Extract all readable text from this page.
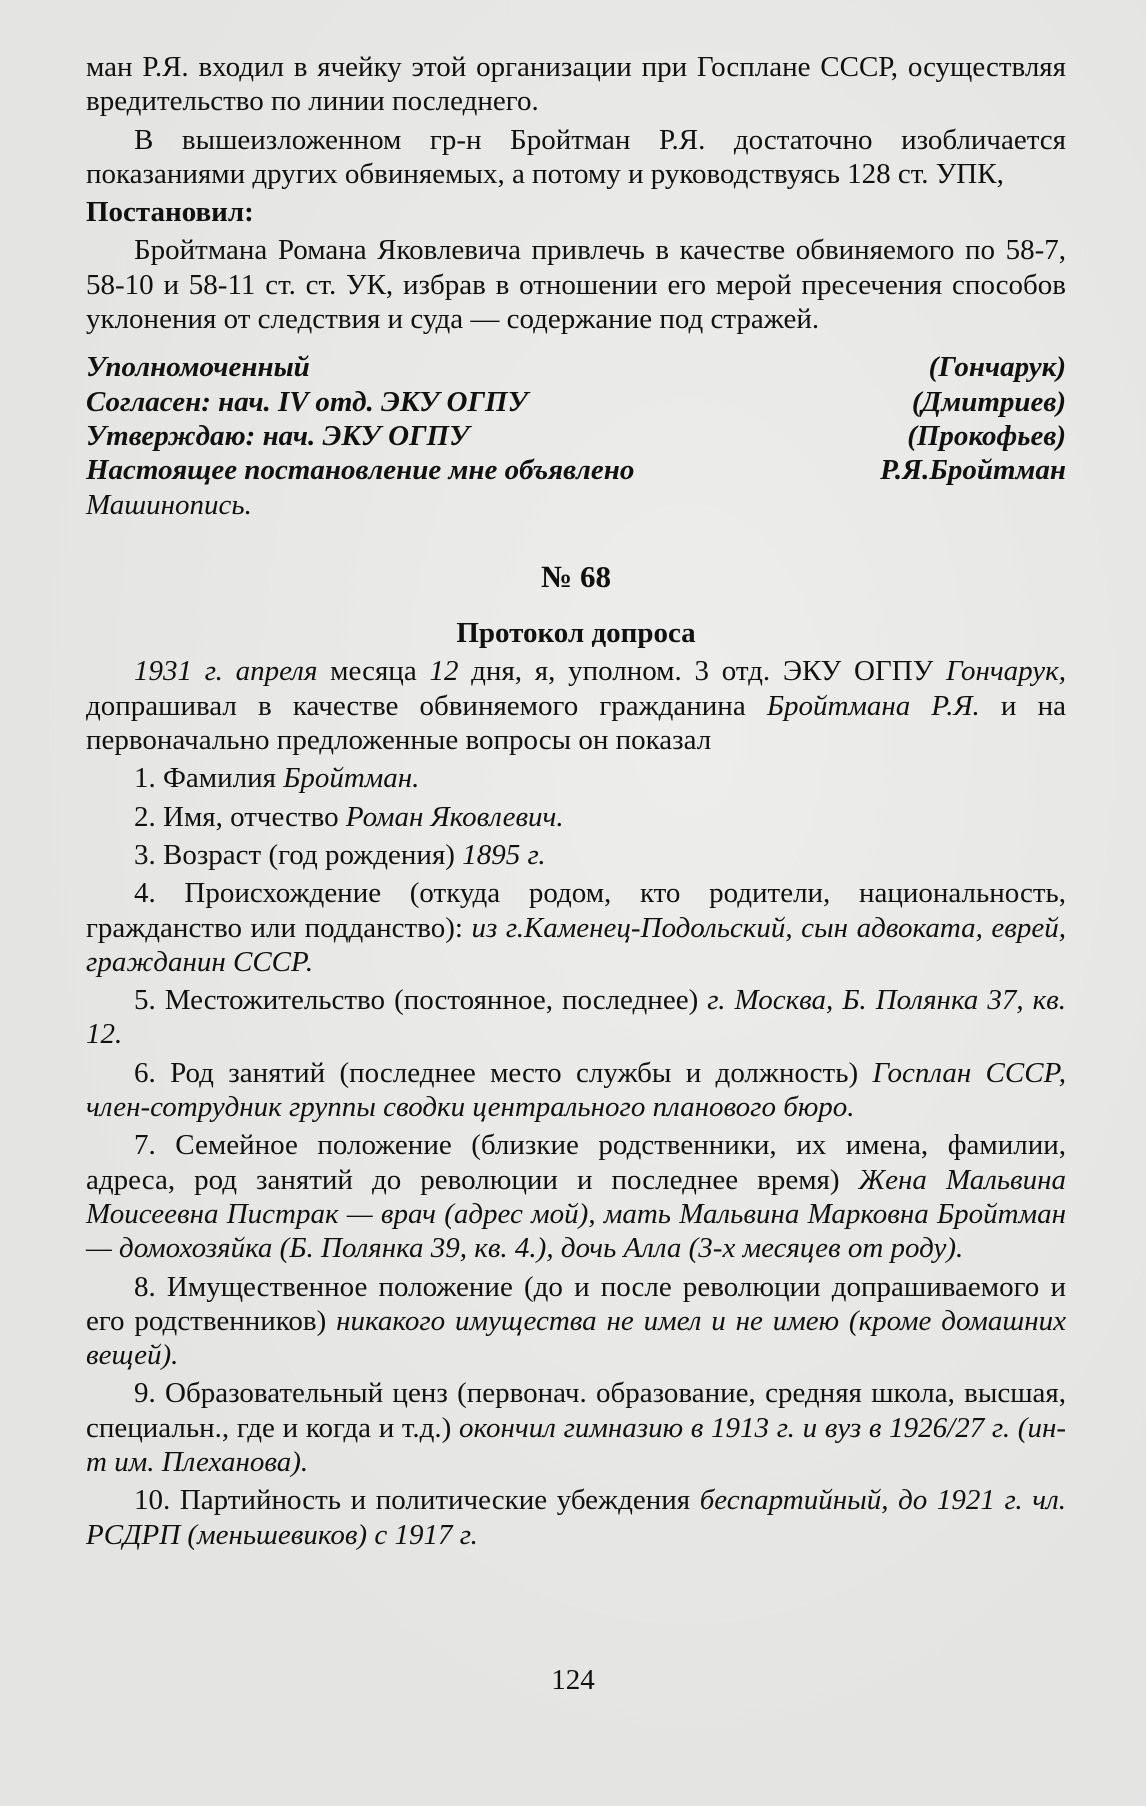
ман Р.Я. входил в ячейку этой организации при Госплане СССР, осуществляя вредительство по линии последнего.

В вышеизложенном гр-н Бройтман Р.Я. достаточно изобличается показаниями других обвиняемых, а потому и руководствуясь 128 ст. УПК,

Постановил:

Бройтмана Романа Яковлевича привлечь в качестве обвиняемого по 58-7, 58-10 и 58-11 ст. ст. УК, избрав в отношении его мерой пресечения способов уклонения от следствия и суда — содержание под стражей.

Уполномоченный	(Гончарук)
Согласен: нач. IV отд. ЭКУ ОГПУ	(Дмитриев)
Утверждаю: нач. ЭКУ ОГПУ	(Прокофьев)
Настоящее постановление мне объявлено	Р.Я.Бройтман
Машинопись.
№ 68
Протокол допроса

1931 г. апреля месяца 12 дня, я, уполном. 3 отд. ЭКУ ОГПУ Гончарук, допрашивал в качестве обвиняемого гражданина Бройтмана Р.Я. и на первоначально предложенные вопросы он показал

1. Фамилия Бройтман.

2. Имя, отчество Роман Яковлевич.

3. Возраст (год рождения) 1895 г.

4. Происхождение (откуда родом, кто родители, национальность, гражданство или подданство): из г.Каменец-Подольский, сын адвоката, еврей, гражданин СССР.

5. Местожительство (постоянное, последнее) г. Москва, Б. Полянка 37, кв. 12.

6. Род занятий (последнее место службы и должность) Госплан СССР, член-сотрудник группы сводки центрального планового бюро.

7. Семейное положение (близкие родственники, их имена, фамилии, адреса, род занятий до революции и последнее время) Жена Мальвина Моисеевна Пистрак — врач (адрес мой), мать Мальвина Марковна Бройтман — домохозяйка (Б. Полянка 39, кв. 4.), дочь Алла (3-х месяцев от роду).

8. Имущественное положение (до и после революции допрашиваемого и его родственников) никакого имущества не имел и не имею (кроме домашних вещей).

9. Образовательный ценз (первонач. образование, средняя школа, высшая, специальн., где и когда и т.д.) окончил гимназию в 1913 г. и вуз в 1926/27 г. (ин-т им. Плеханова).

10. Партийность и политические убеждения беспартийный, до 1921 г. чл. РСДРП (меньшевиков) с 1917 г.

124
